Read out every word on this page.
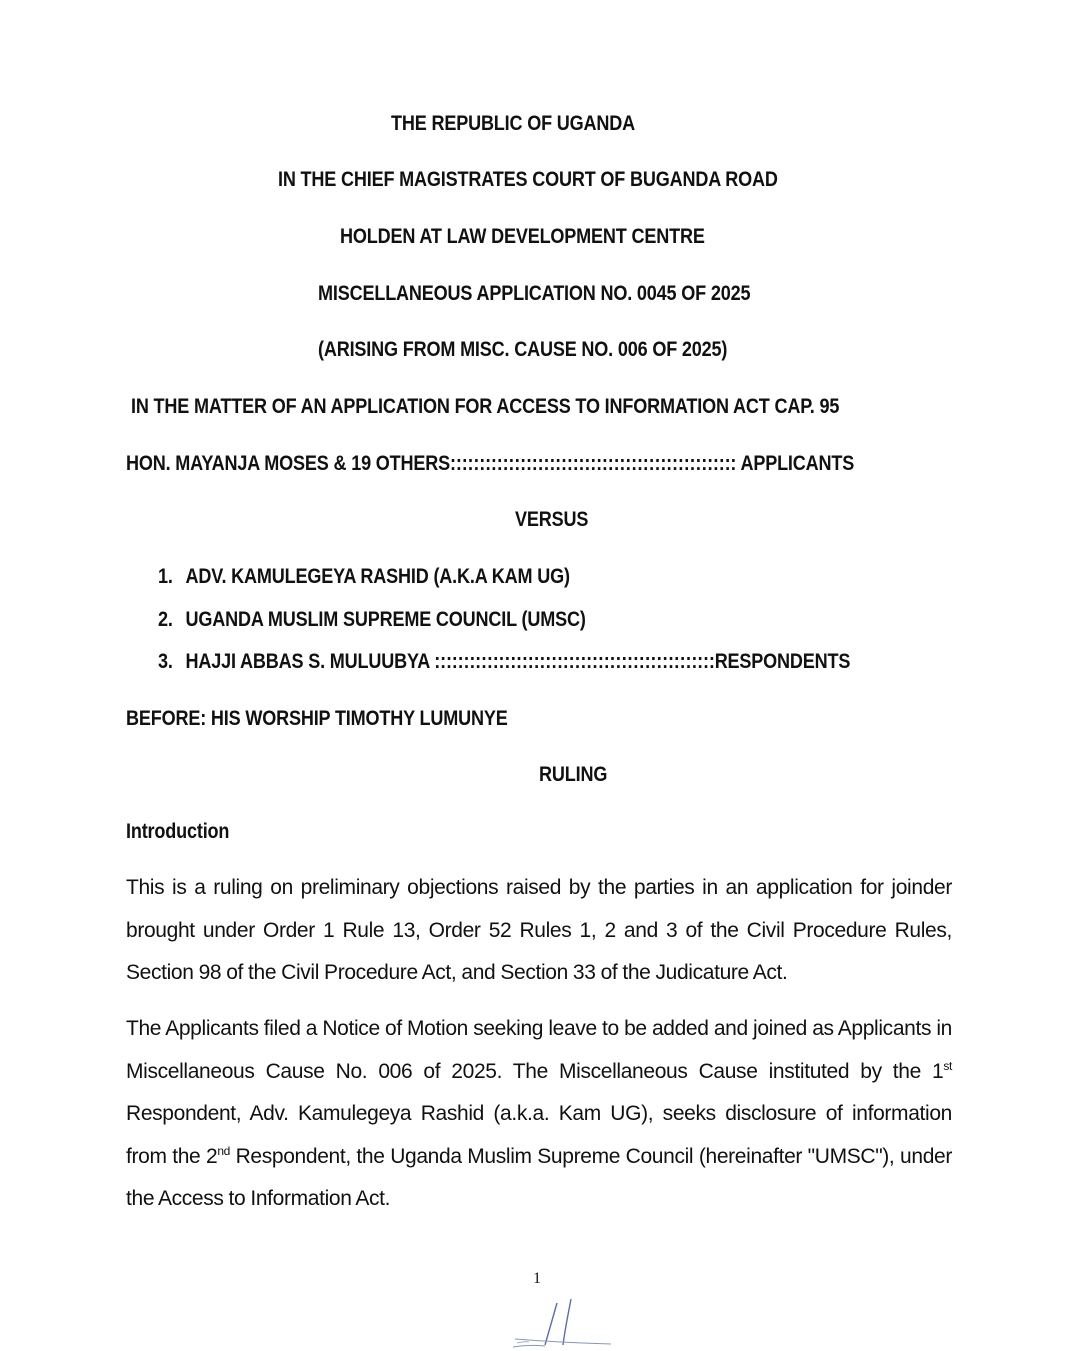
THE REPUBLIC OF UGANDA
IN THE CHIEF MAGISTRATES COURT OF BUGANDA ROAD
HOLDEN AT LAW DEVELOPMENT CENTRE
MISCELLANEOUS APPLICATION NO. 0045 OF 2025
(ARISING FROM MISC. CAUSE NO. 006 OF 2025)
IN THE MATTER OF AN APPLICATION FOR ACCESS TO INFORMATION ACT CAP. 95
HON. MAYANJA MOSES & 19 OTHERS::::::::::::::::::::::::::::::::::::::::::::::::: APPLICANTS
VERSUS
1. ADV. KAMULEGEYA RASHID (A.K.A KAM UG)
2. UGANDA MUSLIM SUPREME COUNCIL (UMSC)
3. HAJJI ABBAS S. MULUUBYA ::::::::::::::::::::::::::::::::::::::::::::::::RESPONDENTS
BEFORE: HIS WORSHIP TIMOTHY LUMUNYE
RULING
Introduction
This is a ruling on preliminary objections raised by the parties in an application for joinder brought under Order 1 Rule 13, Order 52 Rules 1, 2 and 3 of the Civil Procedure Rules, Section 98 of the Civil Procedure Act, and Section 33 of the Judicature Act.
The Applicants filed a Notice of Motion seeking leave to be added and joined as Applicants in Miscellaneous Cause No. 006 of 2025. The Miscellaneous Cause instituted by the 1st Respondent, Adv. Kamulegeya Rashid (a.k.a. Kam UG), seeks disclosure of information from the 2nd Respondent, the Uganda Muslim Supreme Council (hereinafter "UMSC"), under the Access to Information Act.
1
